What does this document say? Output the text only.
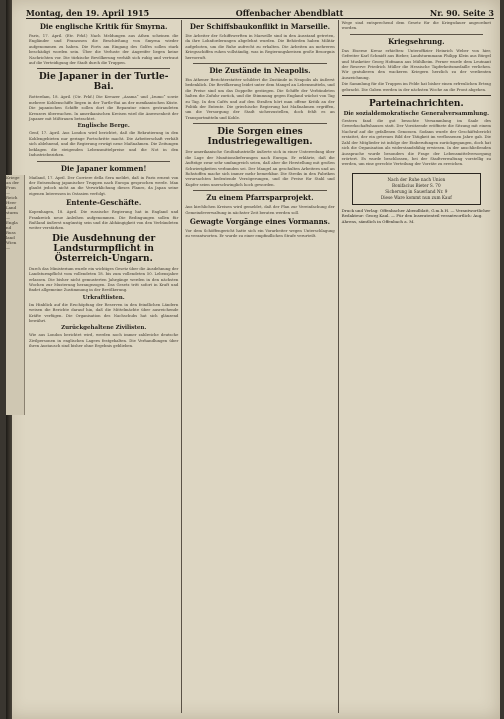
Kriege
an der
Fron
—
Reich
Heer
Land
sturm
—
Engla
nd
Russ
land
Wien
—
Montag, den 19. April 1915	Offenbacher Abendblatt	Nr. 90. Seite 3
Die englische Kritik für Smyrna.

Paris, 17. April. (Etr. Frkf.) Nach Meldungen aus Athen scheinen die Engländer und Franzosen die Beschießung von Smyrna wieder aufgenommen zu haben. Die Forts am Eingang des Golfes sollen stark beschädigt worden sein. Über die Verluste der Angreifer liegen keine Nachrichten vor. Die türkische Bevölkerung verhält sich ruhig und vertraut auf die Verteidigung der Stadt durch die Truppen.

Die Japaner in der Turtle-Bai.

Rotterdam, 18. April. (Ctr. Frkf.) Die Kreuzer „Asama“ und „Izumo“ sowie mehrere Kohlenschiffe liegen in der Turtle-Bai an der mexikanischen Küste. Die japanischen Schiffe sollen dort die Reparatur eines gestrandeten Kreuzers überwachen. In amerikanischen Kreisen wird die Anwesenheit der Japaner mit Mißtrauen betrachtet.

Englische Berge.

Genf, 17. April. Aus London wird berichtet, daß die Rekrutierung in den Kohlengebieten nur geringe Fortschritte macht. Die Arbeiterschaft verhält sich ablehnend, und die Regierung erwägt neue Maßnahmen. Die Zeitungen beklagen die steigenden Lebensmittelpreise und die Not in den Industriebezirken.

Die Japaner kommen!

Mailand, 17. April. Der Corriere della Sera meldet, daß in Paris erneut von der Entsendung japanischer Truppen nach Europa gesprochen werde. Man glaubt jedoch nicht an die Verwirklichung dieses Planes, da Japan seine eigenen Interessen in Ostasien verfolgt.

Entente-Geschäfte.

Kopenhagen, 18. April. Die russische Regierung hat in England und Frankreich neue Anleihen aufgenommen. Die Bedingungen sollen für Rußland äußerst ungünstig sein und die Abhängigkeit von den Verbündeten weiter verstärken.

Die Ausdehnung der Landsturmpflicht in Österreich-Ungarn.

Durch das Ministerium wurde ein wichtiges Gesetz über die Ausdehnung der Landsturmpflicht vom vollendeten 18. bis zum vollendeten 50. Lebensjahre erlassen. Die bisher nicht gemusterten Jahrgänge werden in den nächsten Wochen zur Musterung herangezogen. Das Gesetz tritt sofort in Kraft und findet allgemeine Zustimmung in der Bevölkerung.

Urkraftlisten.

Im Hinblick auf die Erschöpfung der Reserven in den feindlichen Ländern weisen die Berichte darauf hin, daß die Mittelmächte über ausreichende Kräfte verfügen. Die Organisation des Nachschubs hat sich glänzend bewährt.

Zurückgehaltene Zivilisten.

Wie aus London berichtet wird, werden noch immer zahlreiche deutsche Zivilpersonen in englischen Lagern festgehalten. Die Verhandlungen über ihren Austausch sind bisher ohne Ergebnis geblieben.

Der Schiffsbaukonflikt in Marseille.

Die Arbeiter der Schiffswerften in Marseille sind in den Ausstand getreten, da ihre Lohnforderungen abgelehnt wurden. Die Behörden haben Militär aufgeboten, um die Ruhe aufrecht zu erhalten. Die Arbeiten an mehreren Kriegsschiffen ruhen vollständig, was in Regierungskreisen große Besorgnis hervorruft.

Die Zustände in Neapolis.

Ein Athener Berichterstatter schildert die Zustände in Neapolis als äußerst bedenklich. Die Bevölkerung leidet unter dem Mangel an Lebensmitteln, und die Preise sind um das Doppelte gestiegen. Die Schiffe der Verbündeten halten die Zufuhr zurück, und die Stimmung gegen England wächst von Tag zu Tag. In den Cafés und auf den Straßen hört man offene Kritik an der Politik der Entente. Die griechische Regierung hat Maßnahmen ergriffen, um die Versorgung der Stadt sicherzustellen, doch fehlt es an Transportmitteln und Kohle.

Die Sorgen eines Industriegewaltigen.

Der amerikanische Großindustrielle äußerte sich in einer Unterredung über die Lage der Munitionslieferungen nach Europa. Er erklärte, daß die Aufträge zwar sehr umfangreich seien, daß aber die Herstellung mit großen Schwierigkeiten verbunden sei. Der Mangel an geschulten Arbeitern und an Rohstoffen mache sich immer mehr bemerkbar. Die Streiks in den Fabriken verursachten bedeutende Verzögerungen, und die Preise für Stahl und Kupfer seien unerschwinglich hoch geworden.

Zu einem Pfarrsparprojekt.

Aus kirchlichen Kreisen wird gemeldet, daß der Plan zur Vereinfachung der Gemeindeverwaltung in nächster Zeit beraten werden soll.

Gewagte Vorgänge eines Vormanns.

Vor dem Schöffengericht hatte sich ein Vorarbeiter wegen Unterschlagung zu verantworten. Er wurde zu einer empfindlichen Strafe verurteilt.

Wege sind entsprechend dem Gesetz für die Kriegsdauer angeordnet worden.

Kriegsehrung.

Das Eiserne Kreuz erhielten: Unteroffizier Heinrich Weber von hier, Gefreiter Karl Schmidt aus Bieber, Landsturmmann Philipp Klein aus Bürgel und Musketier Georg Hofmann aus Mühlheim. Ferner wurde dem Leutnant der Reserve Friedrich Müller die Hessische Tapferkeitsmedaille verliehen. Wir gratulieren den wackeren Kriegern herzlich zu der verdienten Auszeichnung.

Die Sammlung für die Truppen im Felde hat bisher einen erfreulichen Ertrag gebracht. Die Gaben werden in der nächsten Woche an die Front abgehen.

Parteinachrichten.
Die sozialdemokratische Generalversammlung.

Gestern fand die gut besuchte Versammlung im Saale des Gewerkschaftshauses statt. Der Vorsitzende eröffnete die Sitzung mit einem Nachruf auf die gefallenen Genossen. Sodann wurde der Geschäftsbericht erstattet, der ein getreues Bild der Tätigkeit im verflossenen Jahre gab. Die Zahl der Mitglieder ist infolge der Einberufungen zurückgegangen, doch hat sich die Organisation als widerstandsfähig erwiesen. In der anschließenden Aussprache wurde besonders die Frage der Lebensmittelversorgung erörtert. Es wurde beschlossen, bei der Stadtverwaltung vorstellig zu werden, um eine gerechte Verteilung der Vorräte zu erreichen.

Nach der Ruhe nach Union
Bonifacius Bieter S. 70
Sicherung in Sauerland Nr. 9
Diese Ware kommt nun zum Kauf
Druck und Verlag: Offenbacher Abendblatt, G.m.b.H. — Verantwortlicher Redakteur: Georg Kaul. — Für den Inseratenteil verantwortlich: Aug. Ahrens, sämtlich in Offenbach a. M.
